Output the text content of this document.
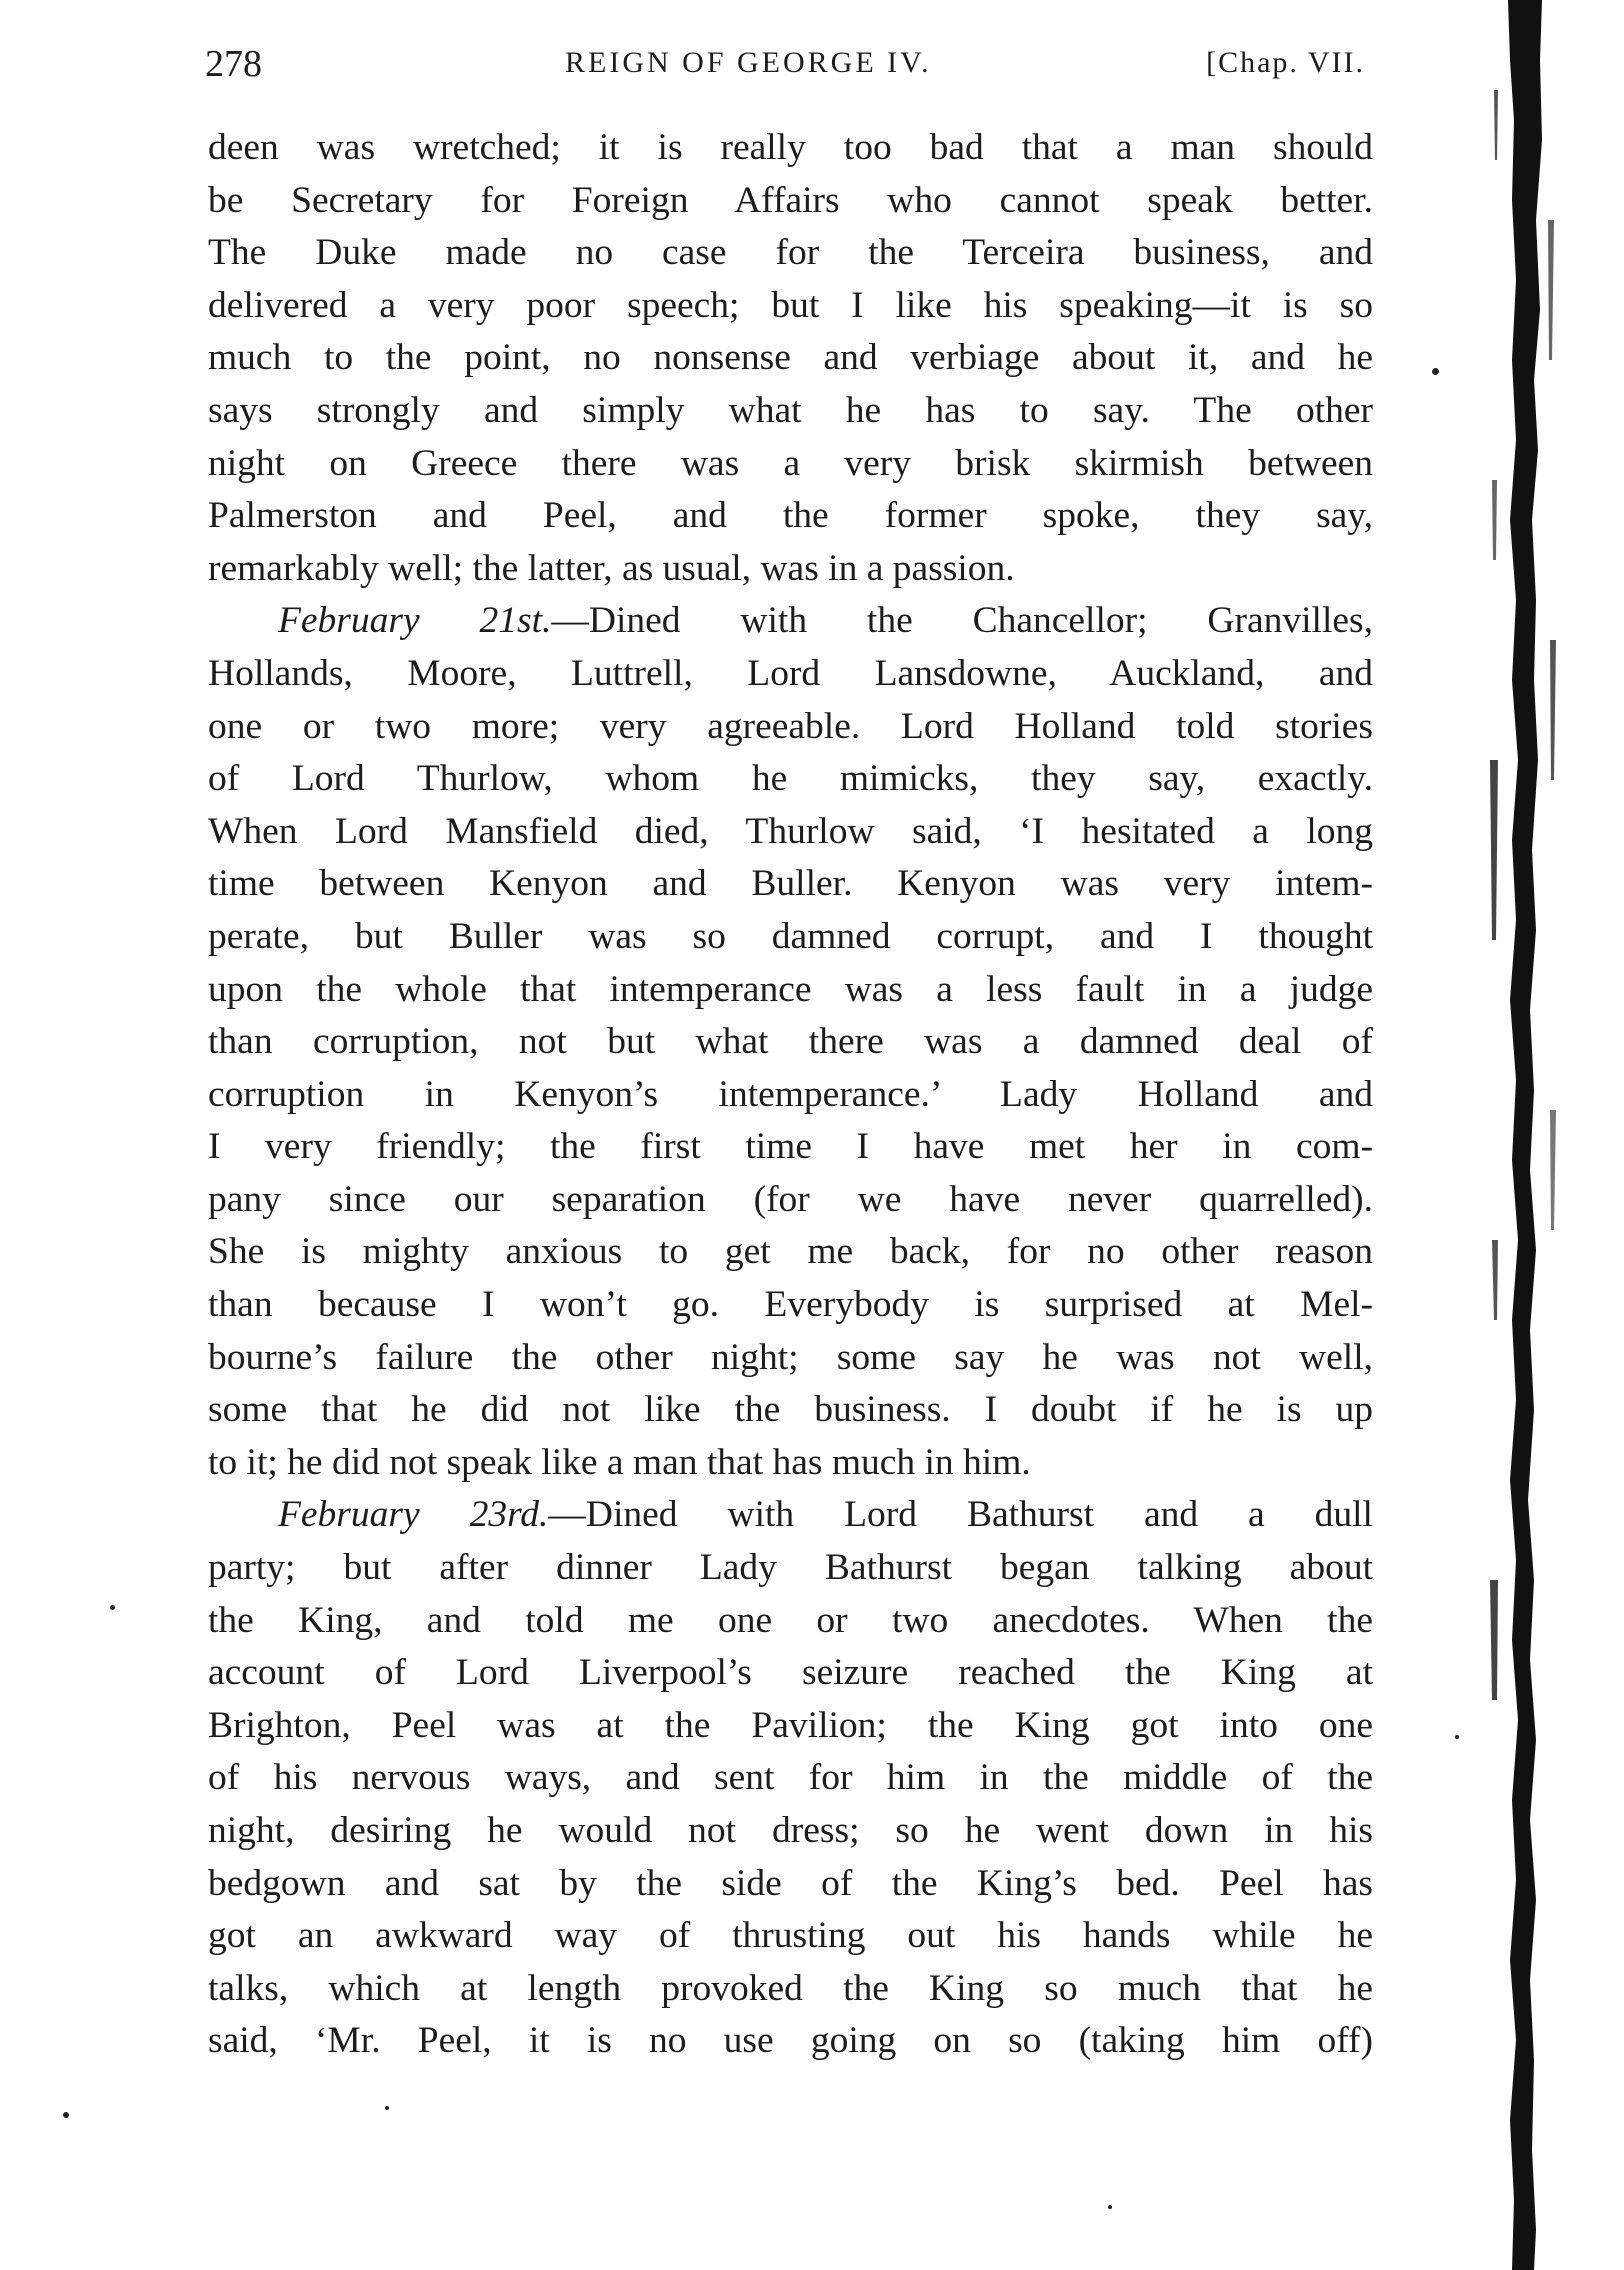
278	REIGN OF GEORGE IV.	[Chap. VII.
deen was wretched; it is really too bad that a man should
be Secretary for Foreign Affairs who cannot speak better.
The Duke made no case for the Terceira business, and
delivered a very poor speech; but I like his speaking—it is so
much to the point, no nonsense and verbiage about it, and he
says strongly and simply what he has to say. The other
night on Greece there was a very brisk skirmish between
Palmerston and Peel, and the former spoke, they say,
remarkably well; the latter, as usual, was in a passion.
February 21st.—Dined with the Chancellor; Granvilles,
Hollands, Moore, Luttrell, Lord Lansdowne, Auckland, and
one or two more; very agreeable. Lord Holland told stories
of Lord Thurlow, whom he mimicks, they say, exactly.
When Lord Mansfield died, Thurlow said, ‘I hesitated a long
time between Kenyon and Buller. Kenyon was very intem-
perate, but Buller was so damned corrupt, and I thought
upon the whole that intemperance was a less fault in a judge
than corruption, not but what there was a damned deal of
corruption in Kenyon’s intemperance.’ Lady Holland and
I very friendly; the first time I have met her in com-
pany since our separation (for we have never quarrelled).
She is mighty anxious to get me back, for no other reason
than because I won’t go. Everybody is surprised at Mel-
bourne’s failure the other night; some say he was not well,
some that he did not like the business. I doubt if he is up
to it; he did not speak like a man that has much in him.
February 23rd.—Dined with Lord Bathurst and a dull
party; but after dinner Lady Bathurst began talking about
the King, and told me one or two anecdotes. When the
account of Lord Liverpool’s seizure reached the King at
Brighton, Peel was at the Pavilion; the King got into one
of his nervous ways, and sent for him in the middle of the
night, desiring he would not dress; so he went down in his
bedgown and sat by the side of the King’s bed. Peel has
got an awkward way of thrusting out his hands while he
talks, which at length provoked the King so much that he
said, ‘Mr. Peel, it is no use going on so (taking him off)
